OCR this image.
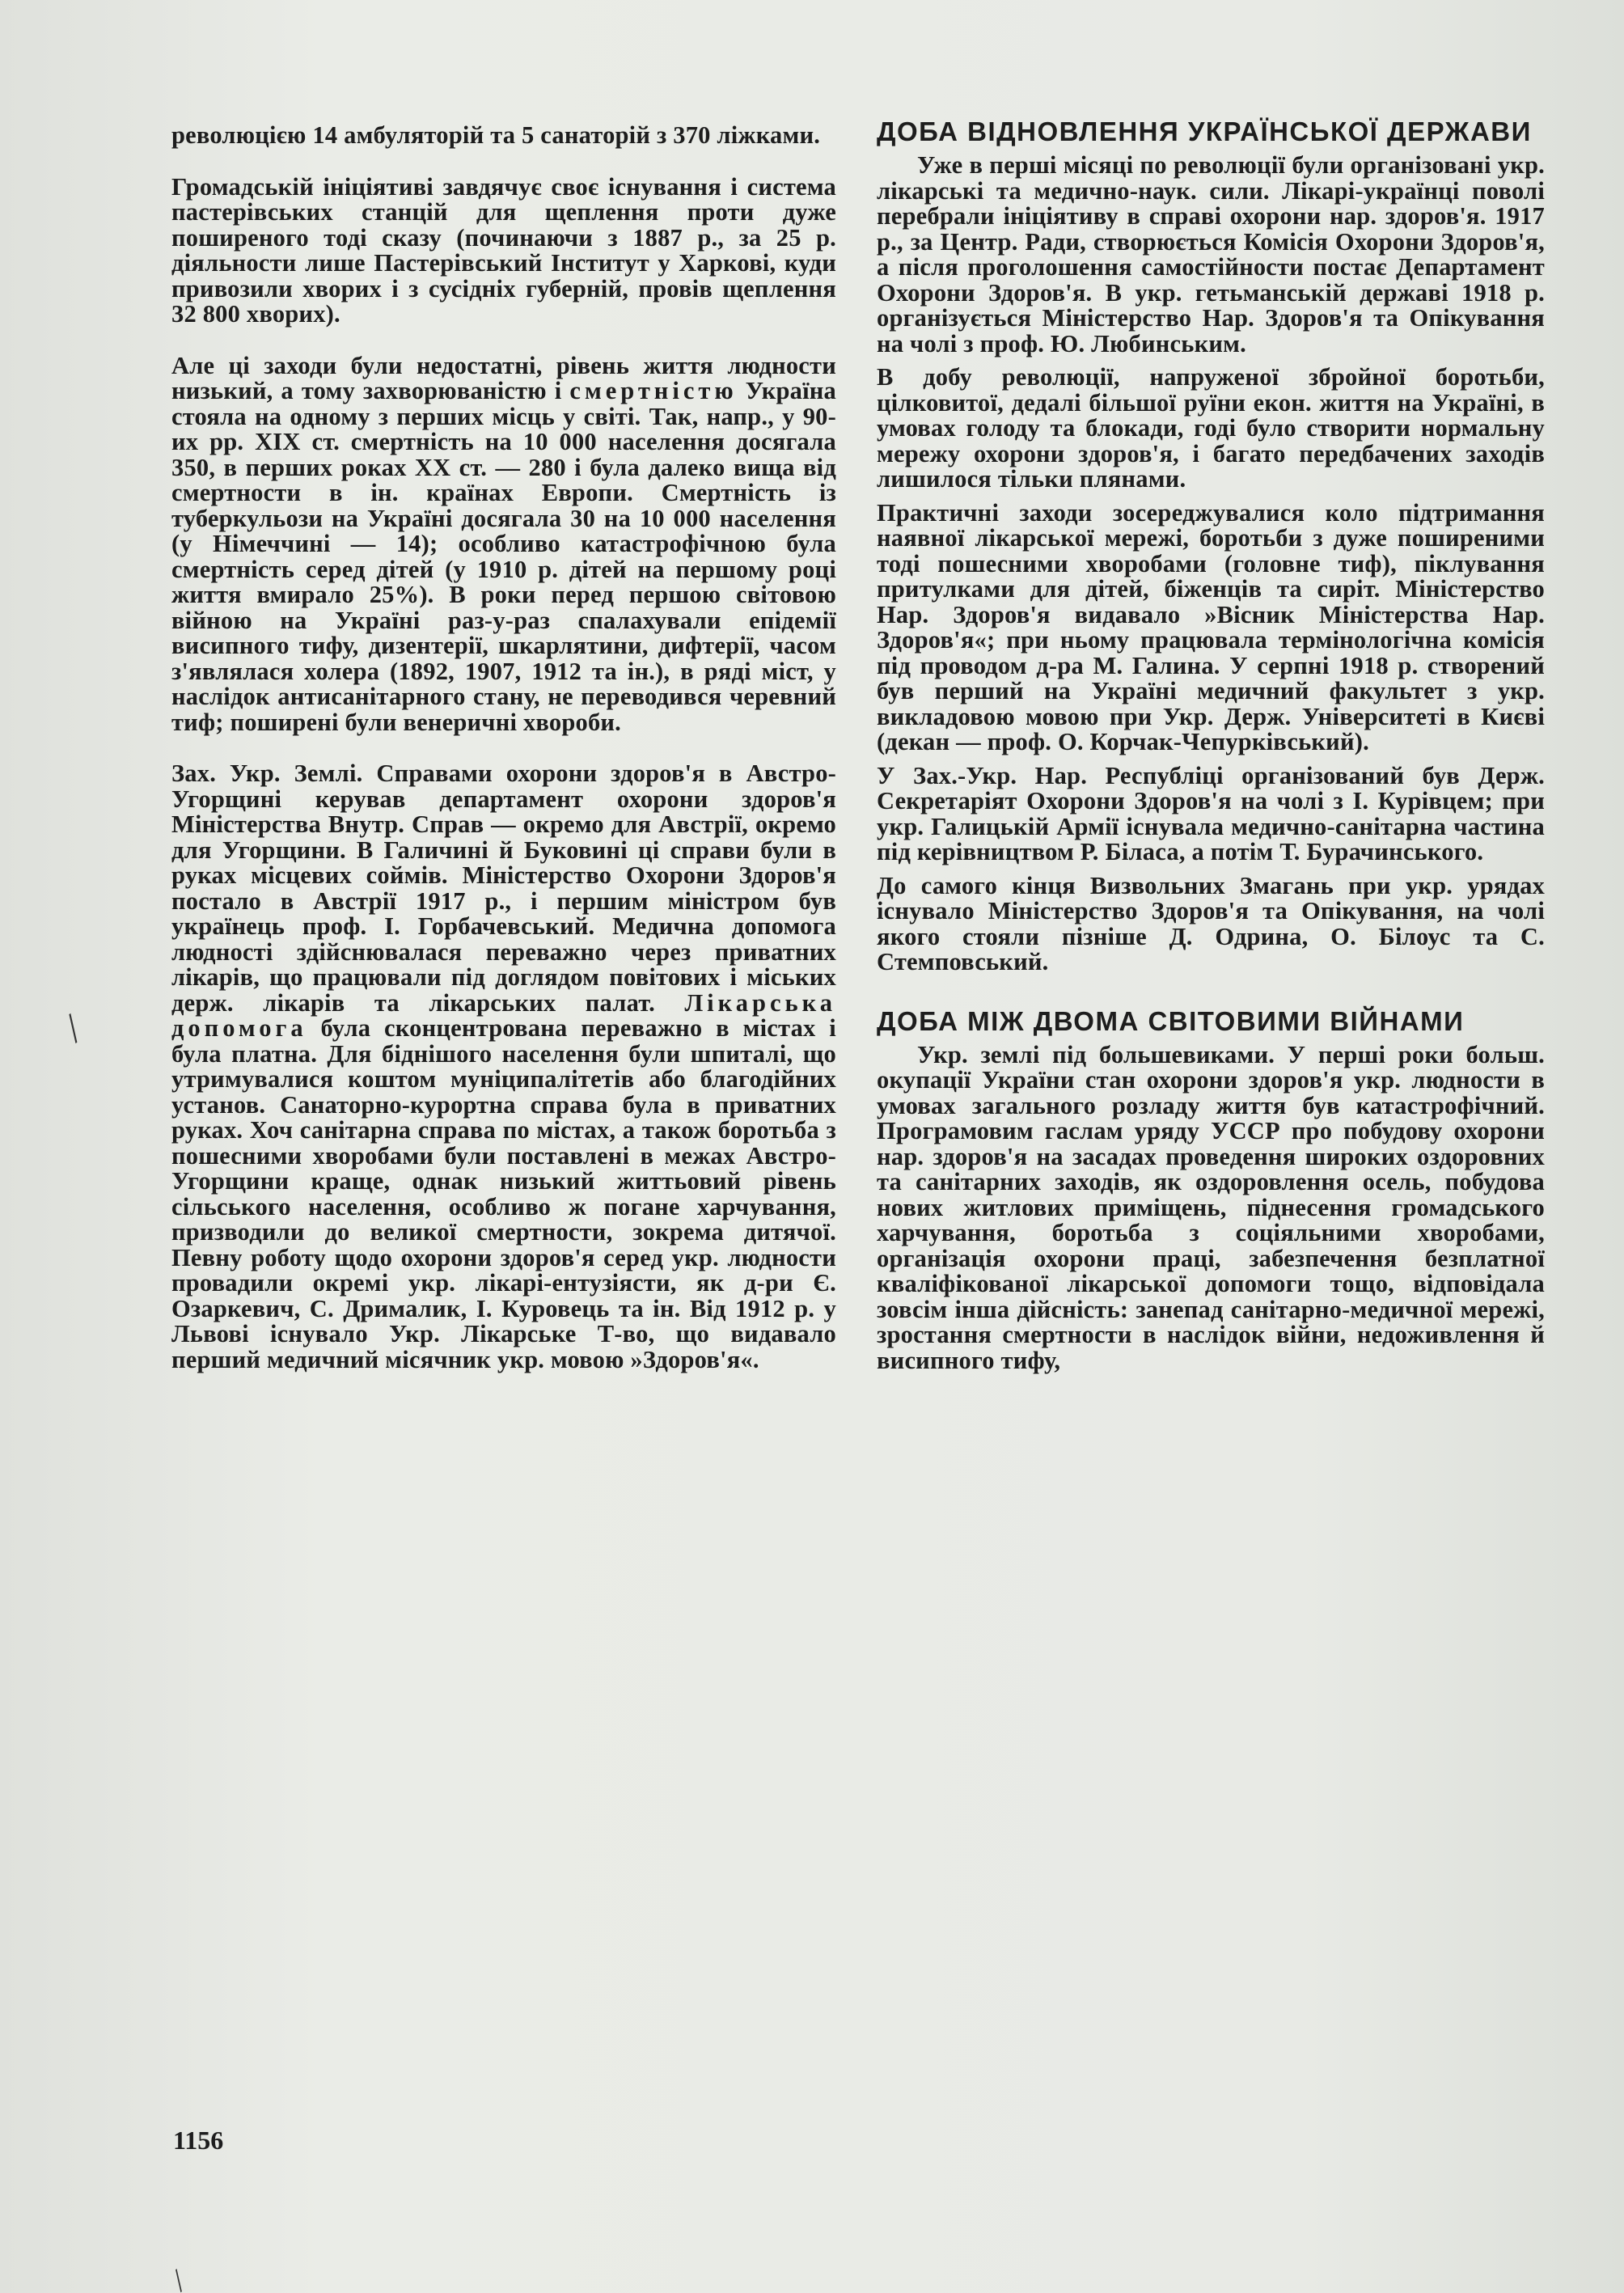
революцією 14 амбуляторій та 5 санаторій з 370 ліжками.

Громадській ініціятиві завдячує своє існування і система пастерівських станцій для щеплення проти дуже поширеного тоді сказу (починаючи з 1887 р., за 25 р. діяльности лише Пастерівський Інститут у Харкові, куди привозили хворих і з сусідніх губерній, провів щеплення 32 800 хворих).

Але ці заходи були недостатні, рівень життя людности низький, а тому захворюваністю і смертністю Україна стояла на одному з перших місць у світі. Так, напр., у 90-их рр. XIX ст. смертність на 10 000 населення досягала 350, в перших роках XX ст. — 280 і була далеко вища від смертности в ін. країнах Европи. Смертність із туберкульози на Україні досягала 30 на 10 000 населення (у Німеччині — 14); особливо катастрофічною була смертність серед дітей (у 1910 р. дітей на першому році життя вмирало 25%). В роки перед першою світовою війною на Україні раз-у-раз спалахували епідемії висипного тифу, дизентерії, шкарлятини, дифтерії, часом з'являлася холера (1892, 1907, 1912 та ін.), в ряді міст, у наслідок антисанітарного стану, не переводився черевний тиф; поширені були венеричні хвороби.

Зах. Укр. Землі. Справами охорони здоров'я в Австро-Угорщині керував департамент охорони здоров'я Міністерства Внутр. Справ — окремо для Австрії, окремо для Угорщини. В Галичині й Буковині ці справи були в руках місцевих соймів. Міністерство Охорони Здоров'я постало в Австрії 1917 р., і першим міністром був українець проф. І. Горбачевський. Медична допомога людності здійснювалася переважно через приватних лікарів, що працювали під доглядом повітових і міських держ. лікарів та лікарських палат. Лікарська допомога була сконцентрована переважно в містах і була платна. Для біднішого населення були шпиталі, що утримувалися коштом муніципалітетів або благодійних установ. Санаторно-курортна справа була в приватних руках. Хоч санітарна справа по містах, а також боротьба з пошесними хворобами були поставлені в межах Австро-Угорщини краще, однак низький життьовий рівень сільського населення, особливо ж погане харчування, призводили до великої смертности, зокрема дитячої. Певну роботу щодо охорони здоров'я серед укр. людности провадили окремі укр. лікарі-ентузіясти, як д-ри Є. Озаркевич, С. Дрималик, І. Куровець та ін. Від 1912 р. у Львові існувало Укр. Лікарське Т-во, що видавало перший медичний місячник укр. мовою »Здоров'я«.

ДОБА ВІДНОВЛЕННЯ УКРАЇНСЬКОЇ ДЕРЖАВИ

Уже в перші місяці по революції були організовані укр. лікарські та медично-наук. сили. Лікарі-українці поволі перебрали ініціятиву в справі охорони нар. здоров'я. 1917 р., за Центр. Ради, створюється Комісія Охорони Здоров'я, а після проголошення самостійности постає Департамент Охорони Здоров'я. В укр. гетьманській державі 1918 р. організується Міністерство Нар. Здоров'я та Опікування на чолі з проф. Ю. Любинським.

В добу революції, напруженої збройної боротьби, цілковитої, дедалі більшої руїни екон. життя на Україні, в умовах голоду та блокади, годі було створити нормальну мережу охорони здоров'я, і багато передбачених заходів лишилося тільки плянами.

Практичні заходи зосереджувалися коло підтримання наявної лікарської мережі, боротьби з дуже поширеними тоді пошесними хворобами (головне тиф), піклування притулками для дітей, біженців та сиріт. Міністерство Нар. Здоров'я видавало »Вісник Міністерства Нар. Здоров'я«; при ньому працювала термінологічна комісія під проводом д-ра М. Галина. У серпні 1918 р. створений був перший на Україні медичний факультет з укр. викладовою мовою при Укр. Держ. Університеті в Києві (декан — проф. О. Корчак-Чепурківський).

У Зах.-Укр. Нар. Республіці організований був Держ. Секретаріят Охорони Здоров'я на чолі з І. Курівцем; при укр. Галицькій Армії існувала медично-санітарна частина під керівництвом Р. Біласа, а потім Т. Бурачинського.

До самого кінця Визвольних Змагань при укр. урядах існувало Міністерство Здоров'я та Опікування, на чолі якого стояли пізніше Д. Одрина, О. Білоус та С. Стемповський.

ДОБА МІЖ ДВОМА СВІТОВИМИ ВІЙНАМИ

Укр. землі під большевиками. У перші роки больш. окупації України стан охорони здоров'я укр. людности в умовах загального розладу життя був катастрофічний. Програмовим гаслам уряду УССР про побудову охорони нар. здоров'я на засадах проведення широких оздоровних та санітарних заходів, як оздоровлення осель, побудова нових житлових приміщень, піднесення громадського харчування, боротьба з соціяльними хворобами, організація охорони праці, забезпечення безплатної кваліфікованої лікарської допомоги тощо, відповідала зовсім інша дійсність: занепад санітарно-медичної мережі, зростання смертности в наслідок війни, недоживлення й висипного тифу,

1156
╱
╱
